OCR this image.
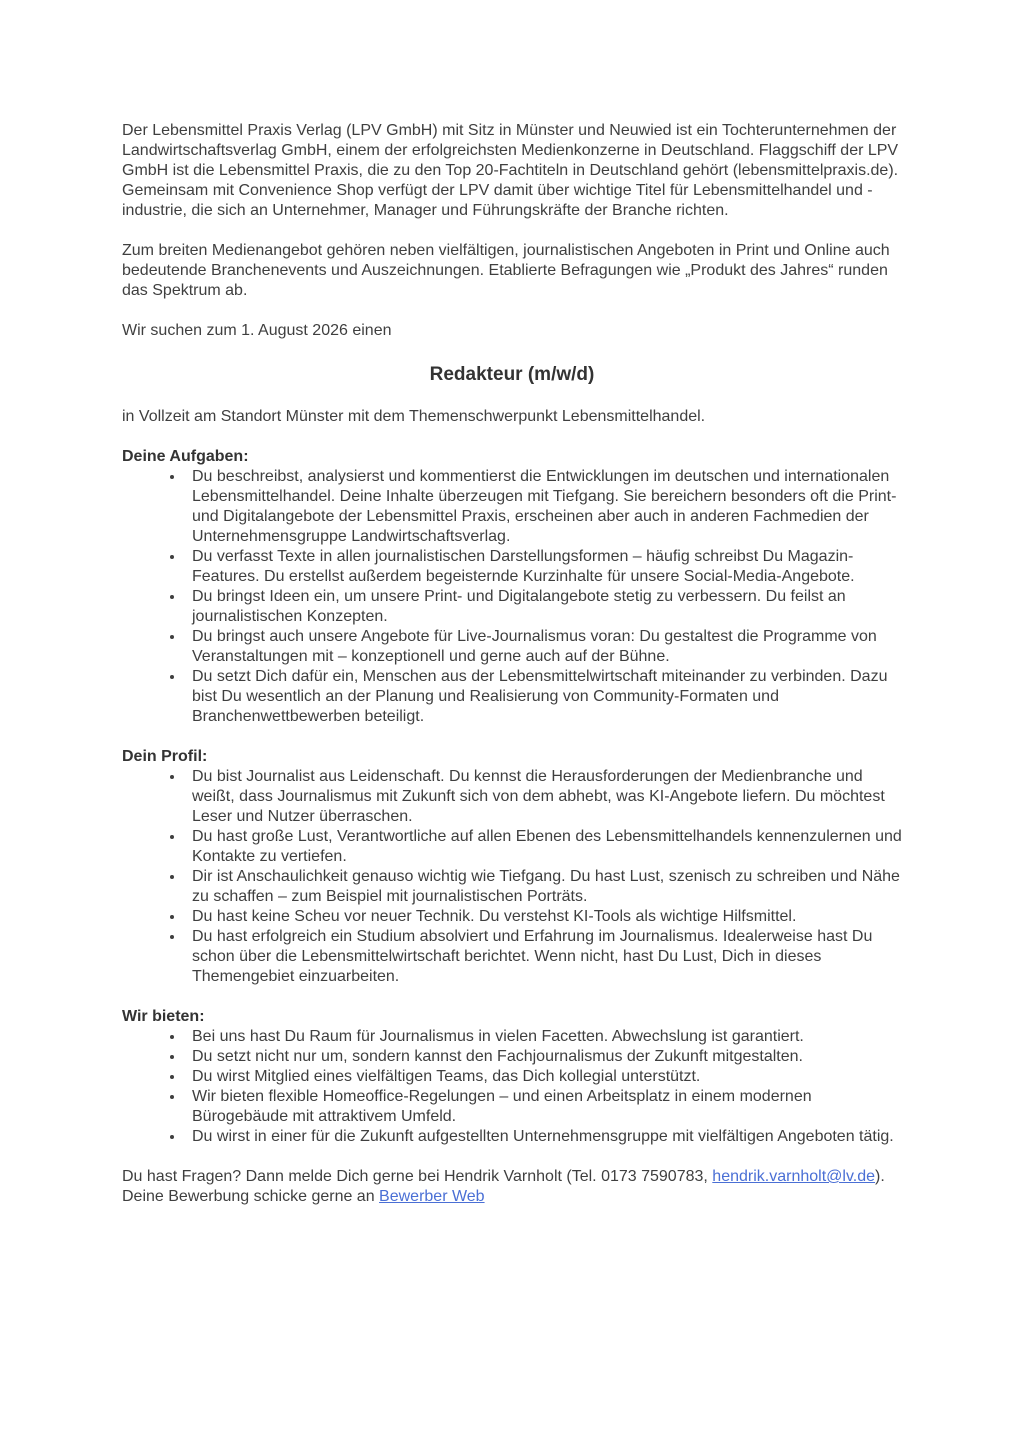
Der Lebensmittel Praxis Verlag (LPV GmbH) mit Sitz in Münster und Neuwied ist ein Tochterunternehmen der Landwirtschaftsverlag GmbH, einem der erfolgreichsten Medienkonzerne in Deutschland. Flaggschiff der LPV GmbH ist die Lebensmittel Praxis, die zu den Top 20-Fachtiteln in Deutschland gehört (lebensmittelpraxis.de). Gemeinsam mit Convenience Shop verfügt der LPV damit über wichtige Titel für Lebensmittelhandel und -industrie, die sich an Unternehmer, Manager und Führungskräfte der Branche richten.

Zum breiten Medienangebot gehören neben vielfältigen, journalistischen Angeboten in Print und Online auch bedeutende Branchenevents und Auszeichnungen. Etablierte Befragungen wie „Produkt des Jahres“ runden das Spektrum ab.

Wir suchen zum 1. August 2026 einen

Redakteur (m/w/d)

in Vollzeit am Standort Münster mit dem Themenschwerpunkt Lebensmittelhandel.

Deine Aufgaben:
• Du beschreibst, analysierst und kommentierst die Entwicklungen im deutschen und internationalen Lebensmittelhandel. Deine Inhalte überzeugen mit Tiefgang. Sie bereichern besonders oft die Print- und Digitalangebote der Lebensmittel Praxis, erscheinen aber auch in anderen Fachmedien der Unternehmensgruppe Landwirtschaftsverlag.
• Du verfasst Texte in allen journalistischen Darstellungsformen – häufig schreibst Du Magazin-Features. Du erstellst außerdem begeisternde Kurzinhalte für unsere Social-Media-Angebote.
• Du bringst Ideen ein, um unsere Print- und Digitalangebote stetig zu verbessern. Du feilst an journalistischen Konzepten.
• Du bringst auch unsere Angebote für Live-Journalismus voran: Du gestaltest die Programme von Veranstaltungen mit – konzeptionell und gerne auch auf der Bühne.
• Du setzt Dich dafür ein, Menschen aus der Lebensmittelwirtschaft miteinander zu verbinden. Dazu bist Du wesentlich an der Planung und Realisierung von Community-Formaten und Branchenwettbewerben beteiligt.
Dein Profil:
• Du bist Journalist aus Leidenschaft. Du kennst die Herausforderungen der Medienbranche und weißt, dass Journalismus mit Zukunft sich von dem abhebt, was KI-Angebote liefern. Du möchtest Leser und Nutzer überraschen.
• Du hast große Lust, Verantwortliche auf allen Ebenen des Lebensmittelhandels kennenzulernen und Kontakte zu vertiefen.
• Dir ist Anschaulichkeit genauso wichtig wie Tiefgang. Du hast Lust, szenisch zu schreiben und Nähe zu schaffen – zum Beispiel mit journalistischen Porträts.
• Du hast keine Scheu vor neuer Technik. Du verstehst KI-Tools als wichtige Hilfsmittel.
• Du hast erfolgreich ein Studium absolviert und Erfahrung im Journalismus. Idealerweise hast Du schon über die Lebensmittelwirtschaft berichtet. Wenn nicht, hast Du Lust, Dich in dieses Themengebiet einzuarbeiten.
Wir bieten:
• Bei uns hast Du Raum für Journalismus in vielen Facetten. Abwechslung ist garantiert.
• Du setzt nicht nur um, sondern kannst den Fachjournalismus der Zukunft mitgestalten.
• Du wirst Mitglied eines vielfältigen Teams, das Dich kollegial unterstützt.
• Wir bieten flexible Homeoffice-Regelungen – und einen Arbeitsplatz in einem modernen Bürogebäude mit attraktivem Umfeld.
• Du wirst in einer für die Zukunft aufgestellten Unternehmensgruppe mit vielfältigen Angeboten tätig.

Du hast Fragen? Dann melde Dich gerne bei Hendrik Varnholt (Tel. 0173 7590783, hendrik.varnholt@lv.de). Deine Bewerbung schicke gerne an Bewerber Web
